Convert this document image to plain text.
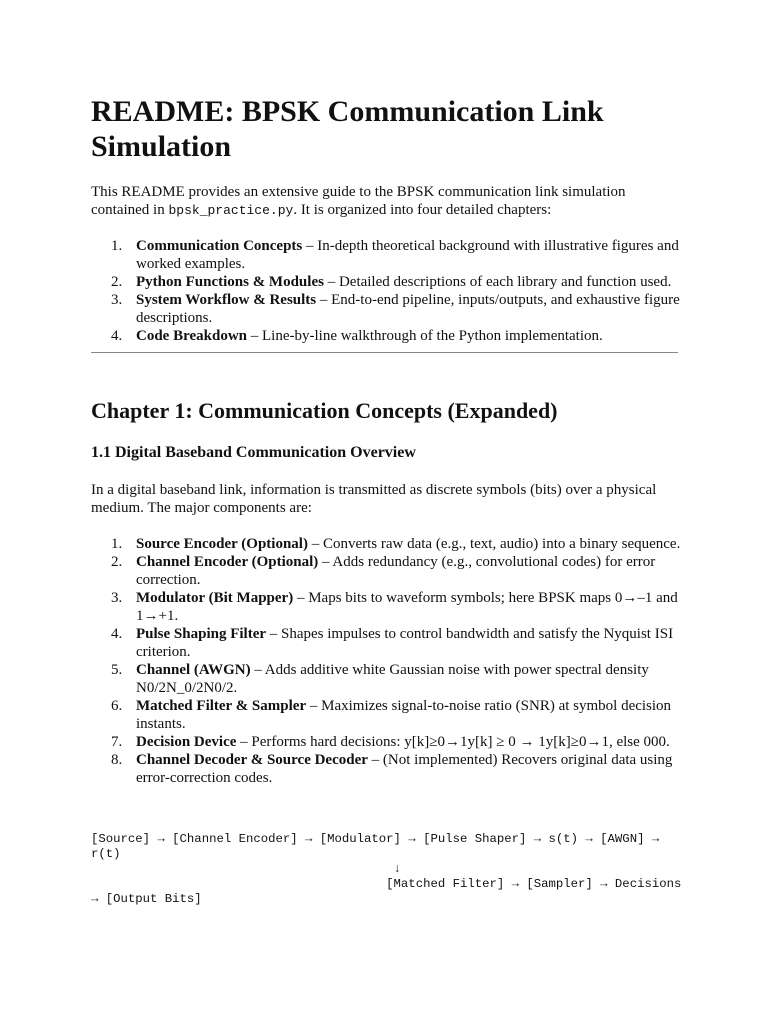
README: BPSK Communication Link Simulation

This README provides an extensive guide to the BPSK communication link simulation contained in bpsk_practice.py. It is organized into four detailed chapters:

1. Communication Concepts – In-depth theoretical background with illustrative figures and worked examples.
2. Python Functions & Modules – Detailed descriptions of each library and function used.
3. System Workflow & Results – End-to-end pipeline, inputs/outputs, and exhaustive figure descriptions.
4. Code Breakdown – Line-by-line walkthrough of the Python implementation.
Chapter 1: Communication Concepts (Expanded)
1.1 Digital Baseband Communication Overview

In a digital baseband link, information is transmitted as discrete symbols (bits) over a physical medium. The major components are:

1. Source Encoder (Optional) – Converts raw data (e.g., text, audio) into a binary sequence.
2. Channel Encoder (Optional) – Adds redundancy (e.g., convolutional codes) for error correction.
3. Modulator (Bit Mapper) – Maps bits to waveform symbols; here BPSK maps 0→–1 and 1→+1.
4. Pulse Shaping Filter – Shapes impulses to control bandwidth and satisfy the Nyquist ISI criterion.
5. Channel (AWGN) – Adds additive white Gaussian noise with power spectral density N0/2N_0/2N0/2.
6. Matched Filter & Sampler – Maximizes signal-to-noise ratio (SNR) at symbol decision instants.
7. Decision Device – Performs hard decisions: y[k]≥0→1y[k] ≥ 0 → 1y[k]≥0→1, else 000.
8. Channel Decoder & Source Decoder – (Not implemented) Recovers original data using error-correction codes.
[Source] → [Channel Encoder] → [Modulator] → [Pulse Shaper] → s(t) → [AWGN] →
r(t)
↓
[Matched Filter] → [Sampler] → Decisions
→ [Output Bits]
